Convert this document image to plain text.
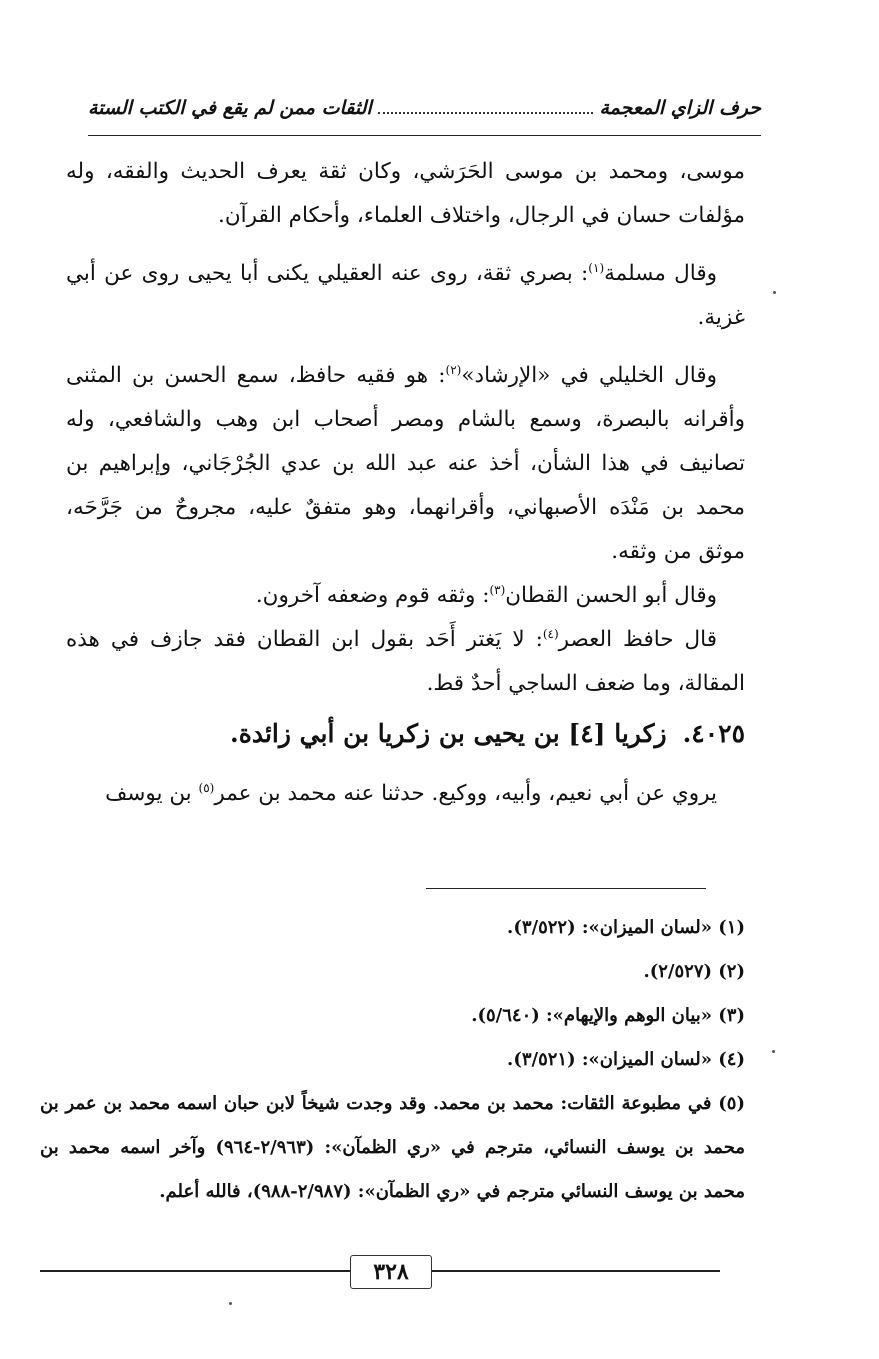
حرف الزاي المعجمة
الثقات ممن لم يقع في الكتب الستة

موسى، ومحمد بن موسى الحَرَشي، وكان ثقة يعرف الحديث والفقه، وله مؤلفات حسان في الرجال، واختلاف العلماء، وأحكام القرآن.

وقال مسلمة$^{(١)}$: بصري ثقة، روى عنه العقيلي يكنى أبا يحيى روى عن أبي غزية.

وقال الخليلي في «الإرشاد»$^{(٢)}$: هو فقيه حافظ، سمع الحسن بن المثنى وأقرانه بالبصرة، وسمع بالشام ومصر أصحاب ابن وهب والشافعي، وله تصانيف في هذا الشأن، أخذ عنه عبد الله بن عدي الجُرْجَاني، وإبراهيم بن محمد بن مَنْدَه الأصبهاني، وأقرانهما، وهو متفقٌ عليه، مجروحٌ من جَرَّحَه، موثق من وثقه.

وقال أبو الحسن القطان$^{(٣)}$: وثقه قوم وضعفه آخرون.

قال حافظ العصر$^{(٤)}$: لا يَغتر أَحَد بقول ابن القطان فقد جازف في هذه المقالة، وما ضعف الساجي أحدٌ قط.

٤٠٢٥.زكريا [٤] بن يحيى بن زكريا بن أبي زائدة.

يروي عن أبي نعيم، وأبيه، ووكيع. حدثنا عنه محمد بن عمر$^{(٥)}$ بن يوسف

(١) «لسان الميزان»: (٣/٥٢٢).

(٢) (٢/٥٢٧).

(٣) «بيان الوهم والإيهام»: (٥/٦٤٠).

(٤) «لسان الميزان»: (٣/٥٢١).

(٥) في مطبوعة الثقات: محمد بن محمد. وقد وجدت شيخاً لابن حبان اسمه محمد بن عمر بن محمد بن يوسف النسائي، مترجم في «ري الظمآن»: (٢/٩٦٣-٩٦٤) وآخر اسمه محمد بن محمد بن يوسف النسائي مترجم في «ري الظمآن»: (٢/٩٨٧-٩٨٨)، فالله أعلم.

٣٢٨
